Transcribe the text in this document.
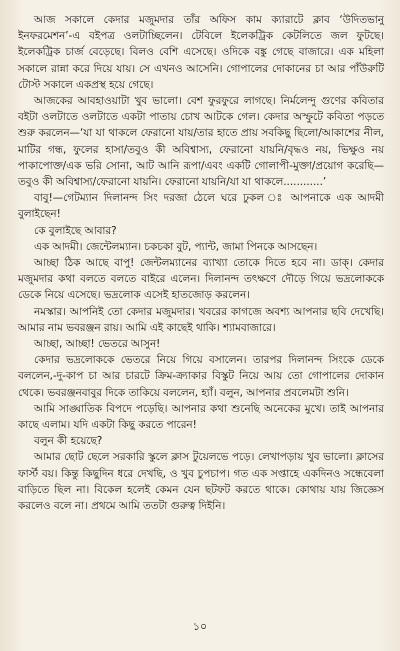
আজ সকালে কেদার মজুমদার তাঁর অফিস কাম ক্যারাটে ক্লাব ‘উদিতভানু ইনফরমেশন’-এ বইপত্র ওলটাচ্ছিলেন। টেবিলে ইলেকট্রিক কেটলিতে জল ফুটছে। ইলেকট্রিক চার্জ বেড়েছে। বিলও বেশি এসেছে। ওদিকে বঙ্কু গেছে বাজারে। এক মহিলা সকালে রান্না করে দিয়ে যায়। সে এখনও আসেনি। গোপালের দোকানের চা আর পাঁউরুটি টোস্ট সকালে একপ্রস্থ হয়ে গেছে।

আজকের আবহাওয়াটা খুব ভালো। বেশ ফুরফুরে লাগছে। নির্মলেন্দু গুণের কবিতার বইটা ওলটাতে ওলটাতে একটা পাতায় চোখ আটকে গেল। কেদার অস্ফুটে কবিতা পড়তে শুরু করলেন—‘যা যা থাকলে ফেরানো যায়/তার হাতে প্রায় সবকিছু ছিলো/আকাশের নীল, মাটির গন্ধ, ফুলের হাসা/তবুও কী অবিশ্বাস্য, ফেরানো যায়নি/বৃদ্ধও নয়, ভিক্ষুও নয় পাকাপোক্ত/এক ভরি সোনা, আট আনি রূপা/এবং একটি গোলাপী-মুক্তা/প্রয়োগ করেছি—তবুও কী অবিশ্বাস্য/ফেরানো যায়নি। ফেরানো যায়নি/যা যা থাকলে............’

বাবু!—গেটম্যান দিলানন্দ সিং দরজা ঠেলে ঘরে ঢুকল ঃ আপনাকে এক আদমী বুলাইছেন!

কে বুলাইছে আবার?

এক আদমী। জেন্টেলম্যান। চকচকা বুট, প্যান্ট, জামা পিনকে আসছেন।

আচ্ছা ঠিক আছে বাপু! জেন্টলম্যানের ব্যাখ্যা তোকে দিতে হবে না। ডাক্। কেদার মজুমদার কথা বলতে বলতে বাইরে এলেন। দিলানন্দ তৎক্ষণে দৌড়ে গিয়ে ভদ্রলোককে ডেকে নিয়ে এসেছে। ভদ্রলোক এসেই হাতজোড় করলেন।

নমস্কার। আপনিই তো কেদার মজুমদার। খবরের কাগজে অবশ্য আপনার ছবি দেখেছি। আমার নাম ভবরঞ্জন রায়। আমি এই কাছেই থাকি। শ্যামবাজারে।

আচ্ছা, আচ্ছা! ভেতরে আসুন!

কেদার ভদ্রলোককে ভেতরে নিয়ে গিয়ে বসালেন। তারপর দিলানন্দ সিংকে ডেকে বললেন,-দু-কাপ চা আর চারটে ক্রিম-ক্র্যাকার বিস্কুট নিয়ে আয় তো গোপালের দোকান থেকে। ভবরঞ্জনবাবুর দিকে তাকিয়ে বললেন, হ্যাঁ। বলুন, আপনার প্রবলেমটা শুনি।

আমি সাঙ্ঘাতিক বিপদে পড়েছি। আপনার কথা শুনেছি অনেকের মুখে। তাই আপনার কাছে এলাম। যদি একটা কিছু করতে পারেন!

বলুন কী হয়েছে?

আমার ছোট ছেলে সরকারি স্কুলে ক্লাস টুয়েলভে পড়ে। লেখাপড়ায় খুব ভালো। ক্লাসের ফার্স্ট বয়। কিন্তু কিছুদিন ধরে দেখছি, ও খুব চুপচাপ। গত এক সপ্তাহে একদিনও সন্ধেবেলা বাড়িতে ছিল না। বিকেল হলেই কেমন যেন ছটফট করতে থাকে। কোথায় যায় জিজ্ঞেস করলেও বলে না। প্রথমে আমি ততটা গুরুত্ব দিইনি।

১০
